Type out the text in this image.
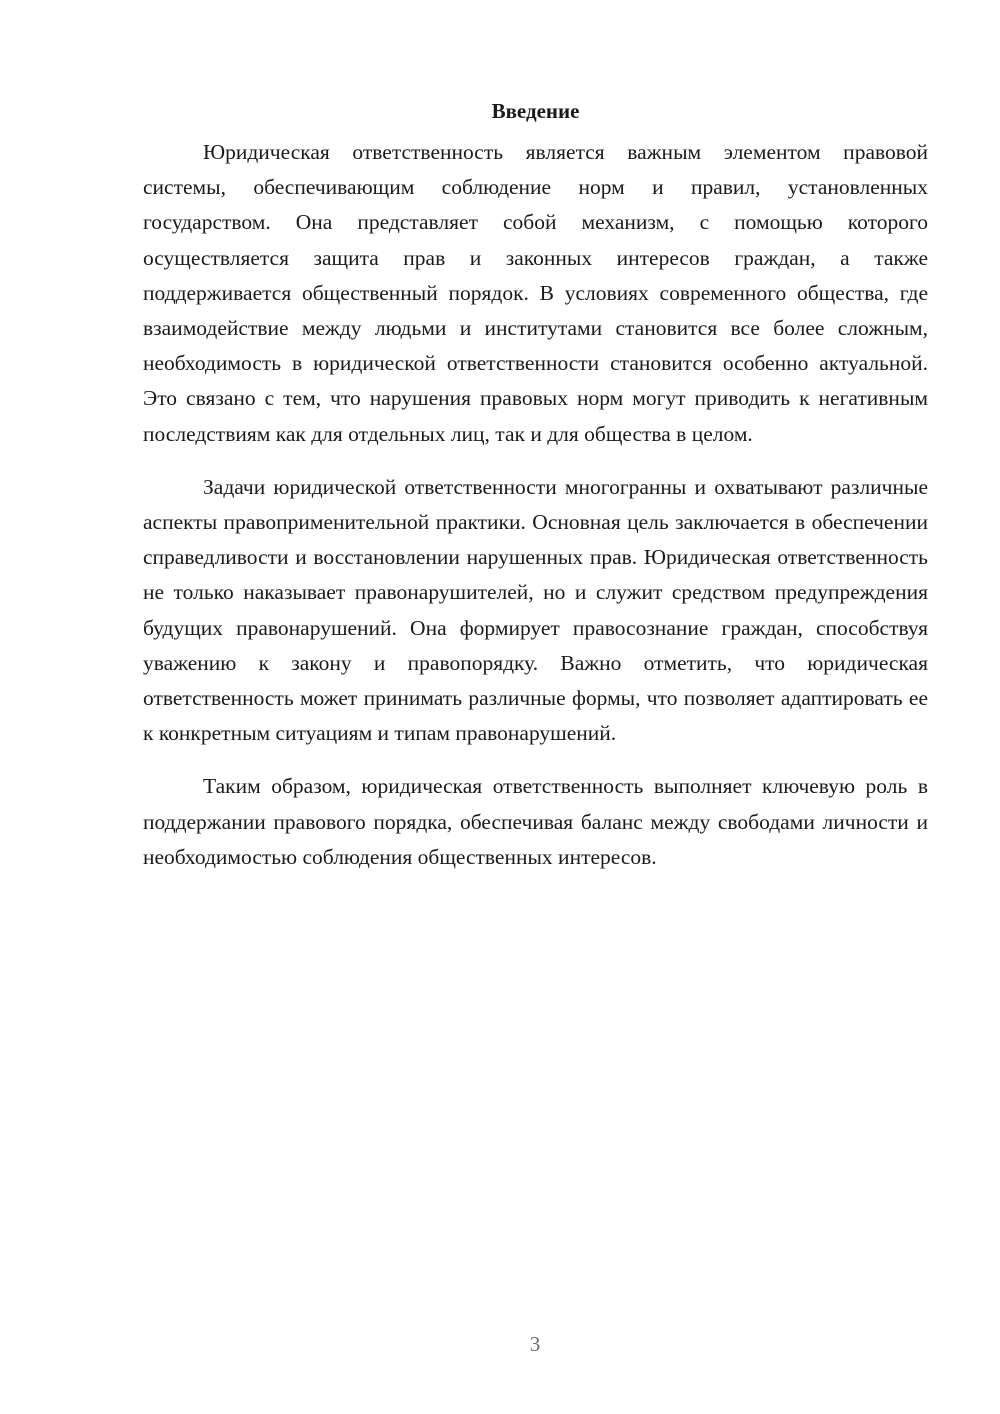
Введение

Юридическая ответственность является важным элементом правовой системы, обеспечивающим соблюдение норм и правил, установленных государством. Она представляет собой механизм, с помощью которого осуществляется защита прав и законных интересов граждан, а также поддерживается общественный порядок. В условиях современного общества, где взаимодействие между людьми и институтами становится все более сложным, необходимость в юридической ответственности становится особенно актуальной. Это связано с тем, что нарушения правовых норм могут приводить к негативным последствиям как для отдельных лиц, так и для общества в целом.

Задачи юридической ответственности многогранны и охватывают различные аспекты правоприменительной практики. Основная цель заключается в обеспечении справедливости и восстановлении нарушенных прав. Юридическая ответственность не только наказывает правонарушителей, но и служит средством предупреждения будущих правонарушений. Она формирует правосознание граждан, способствуя уважению к закону и правопорядку. Важно отметить, что юридическая ответственность может принимать различные формы, что позволяет адаптировать ее к конкретным ситуациям и типам правонарушений.

Таким образом, юридическая ответственность выполняет ключевую роль в поддержании правового порядка, обеспечивая баланс между свободами личности и необходимостью соблюдения общественных интересов.

3
